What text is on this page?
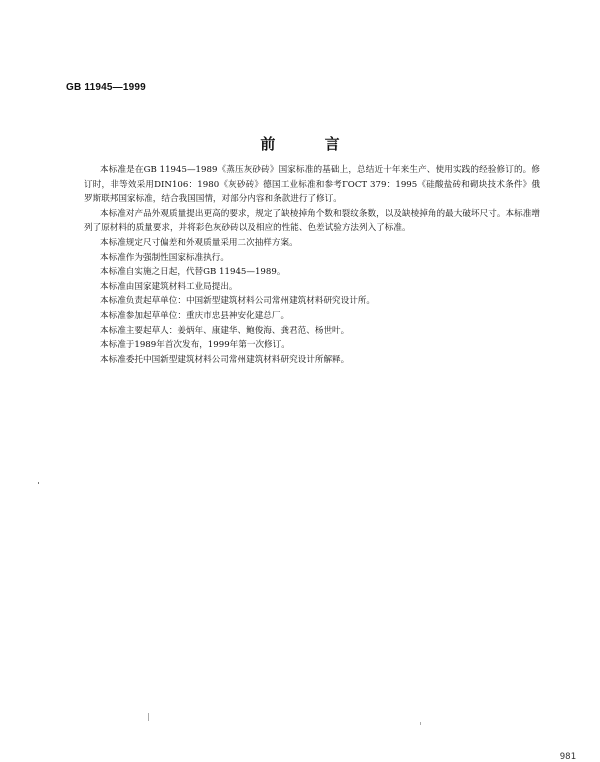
GB 11945—1999
前 言

本标准是在GB 11945—1989《蒸压灰砂砖》国家标准的基础上，总结近十年来生产、使用实践的经验修订的。修订时，非等效采用DIN106：1980《灰砂砖》德国工业标准和参考ГОСТ 379：1995《硅酸盐砖和砌块技术条件》俄罗斯联邦国家标准，结合我国国情，对部分内容和条款进行了修订。

本标准对产品外观质量提出更高的要求，规定了缺棱掉角个数和裂纹条数，以及缺棱掉角的最大破坏尺寸。本标准增列了原材料的质量要求，并将彩色灰砂砖以及相应的性能、色差试验方法列入了标准。

本标准规定尺寸偏差和外观质量采用二次抽样方案。

本标准作为强制性国家标准执行。

本标准自实施之日起，代替GB 11945—1989。

本标准由国家建筑材料工业局提出。

本标准负责起草单位：中国新型建筑材料公司常州建筑材料研究设计所。

本标准参加起草单位：重庆市忠县神安化建总厂。

本标准主要起草人：姜炳年、康建华、鲍俊海、龚君范、杨世叶。

本标准于1989年首次发布，1999年第一次修订。

本标准委托中国新型建筑材料公司常州建筑材料研究设计所解释。

981
